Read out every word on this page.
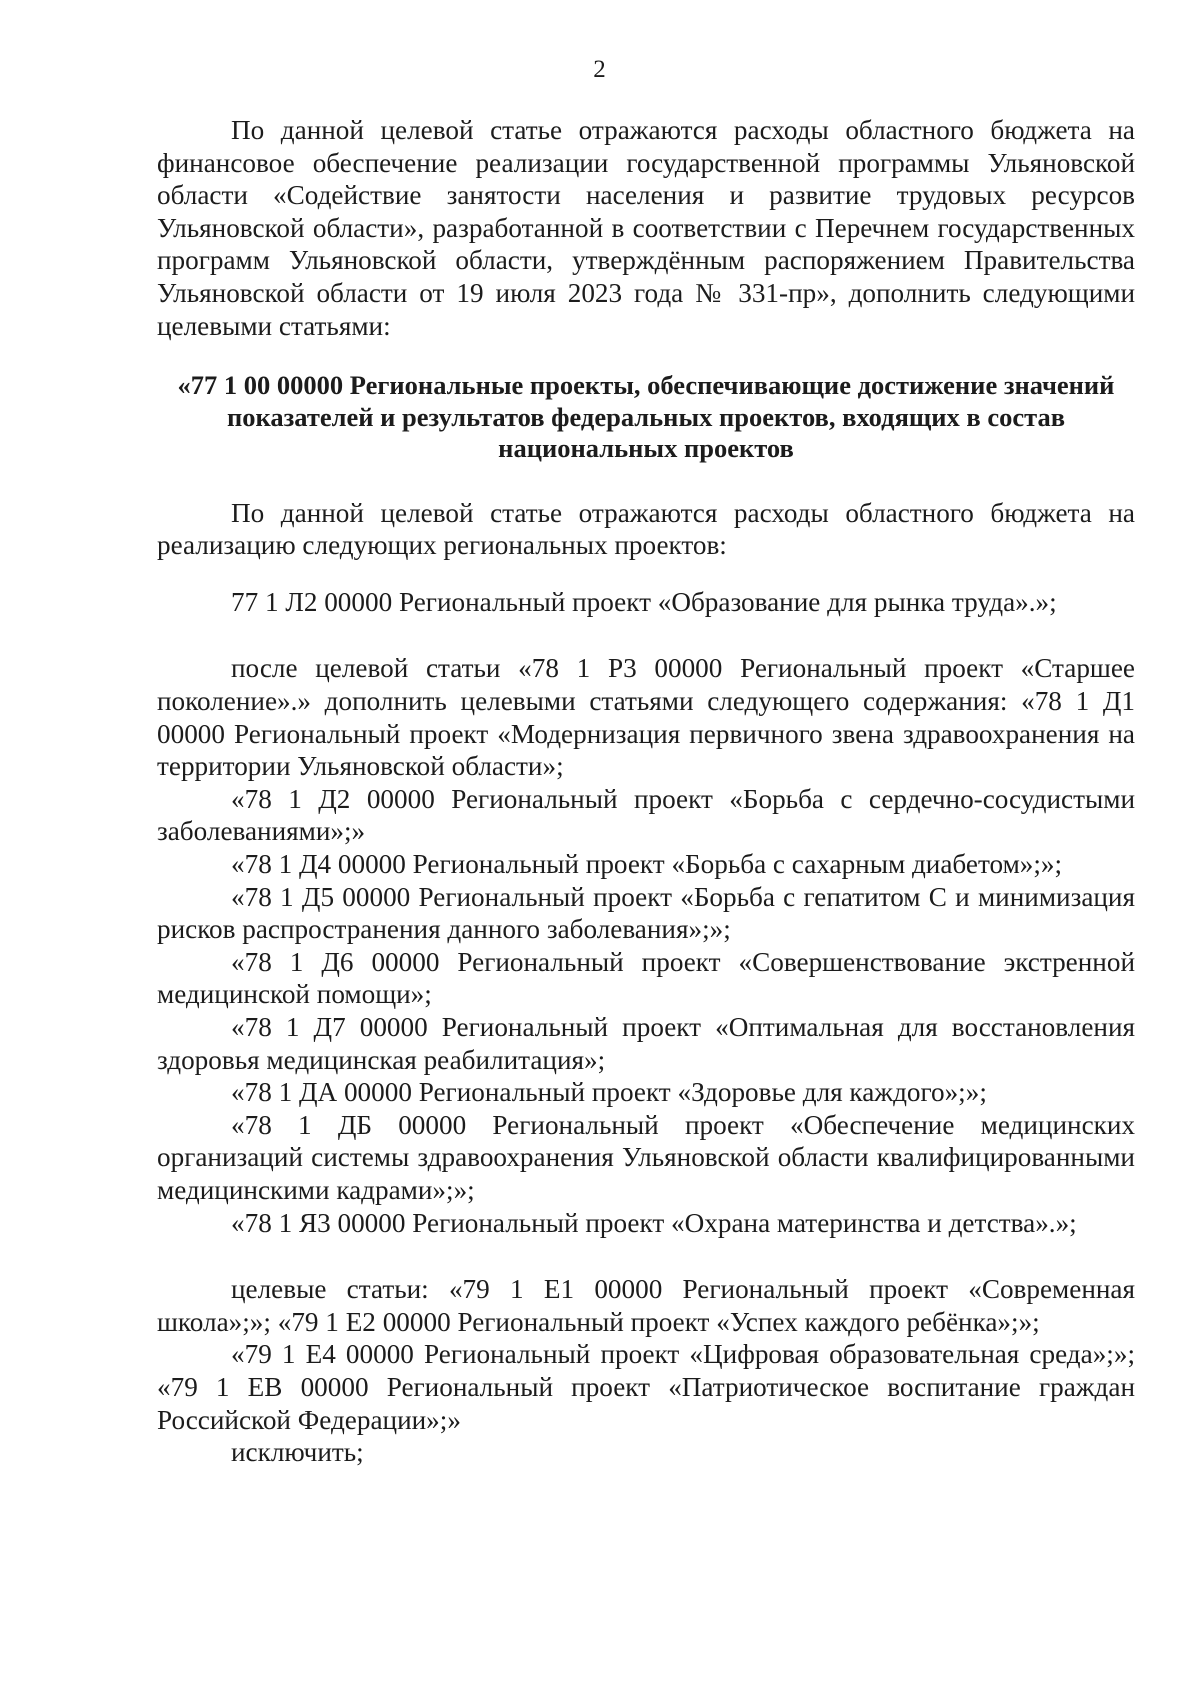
2

По данной целевой статье отражаются расходы областного бюджета на финансовое обеспечение реализации государственной программы Ульяновской области «Содействие занятости населения и развитие трудовых ресурсов Ульяновской области», разработанной в соответствии с Перечнем государственных программ Ульяновской области, утверждённым распоряжением Правительства Ульяновской области от 19 июля 2023 года № 331-пр», дополнить следующими целевыми статьями:

«77 1 00 00000 Региональные проекты, обеспечивающие достижение значений показателей и результатов федеральных проектов, входящих в состав национальных проектов

По данной целевой статье отражаются расходы областного бюджета на реализацию следующих региональных проектов:

77 1 Л2 00000 Региональный проект «Образование для рынка труда».»;

после целевой статьи «78 1 Р3 00000 Региональный проект «Старшее поколение».» дополнить целевыми статьями следующего содержания: «78 1 Д1 00000 Региональный проект «Модернизация первичного звена здравоохранения на территории Ульяновской области»;

«78 1 Д2 00000 Региональный проект «Борьба с сердечно-сосудистыми заболеваниями»;»

«78 1 Д4 00000 Региональный проект «Борьба с сахарным диабетом»;»;

«78 1 Д5 00000 Региональный проект «Борьба с гепатитом С и минимизация рисков распространения данного заболевания»;»;

«78 1 Д6 00000 Региональный проект «Совершенствование экстренной медицинской помощи»;

«78 1 Д7 00000 Региональный проект «Оптимальная для восстановления здоровья медицинская реабилитация»;

«78 1 ДА 00000 Региональный проект «Здоровье для каждого»;»;

«78 1 ДБ 00000 Региональный проект «Обеспечение медицинских организаций системы здравоохранения Ульяновской области квалифицированными медицинскими кадрами»;»;

«78 1 Я3 00000 Региональный проект «Охрана материнства и детства».»;

целевые статьи: «79 1 Е1 00000 Региональный проект «Современная школа»;»; «79 1 Е2 00000 Региональный проект «Успех каждого ребёнка»;»;

«79 1 Е4 00000 Региональный проект «Цифровая образовательная среда»;»; «79 1 ЕВ 00000 Региональный проект «Патриотическое воспитание граждан Российской Федерации»;»

исключить;
